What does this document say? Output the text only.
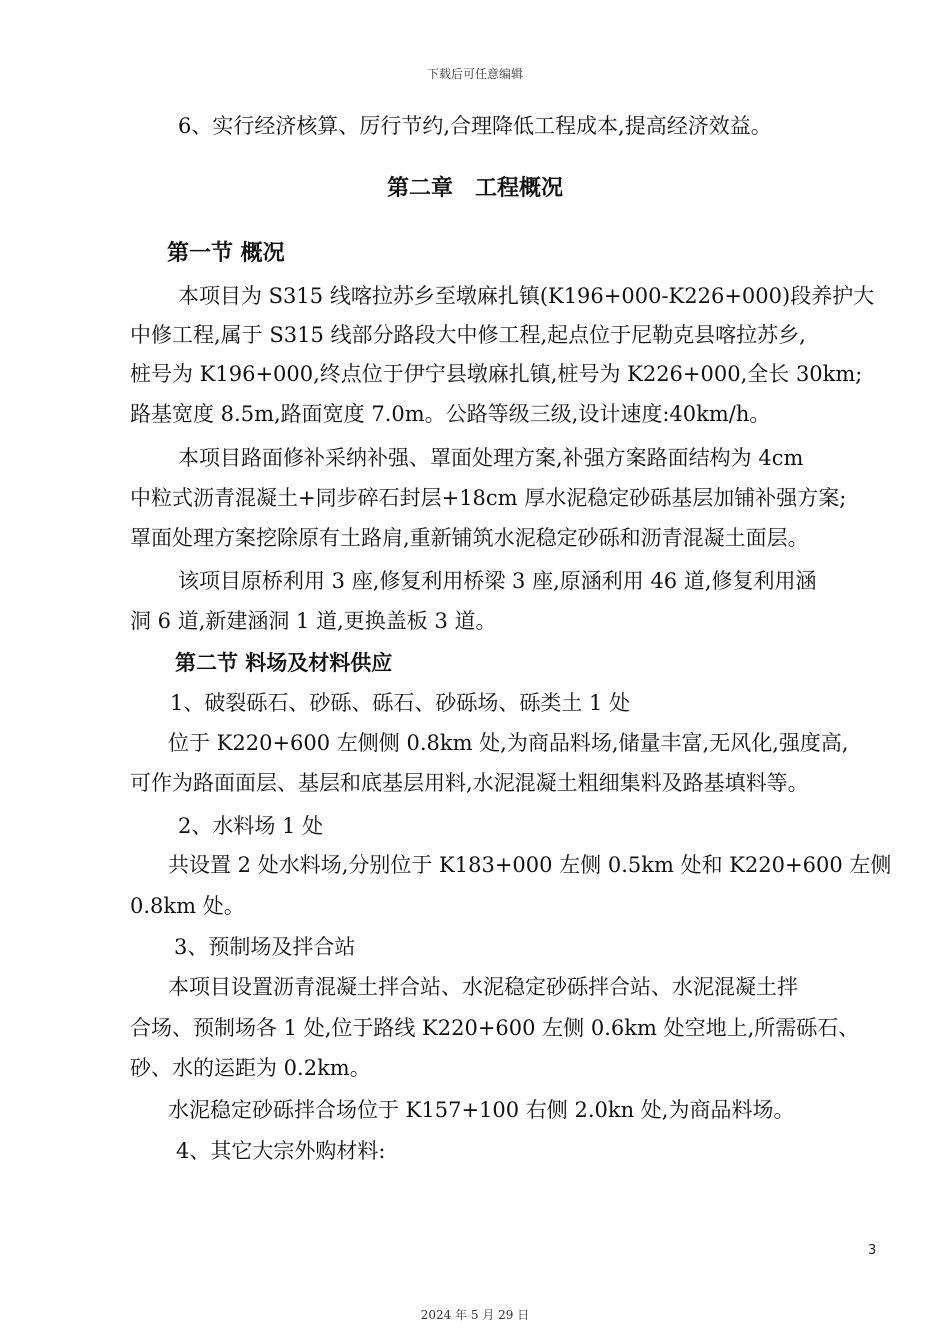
下载后可任意编辑
6、实行经济核算、厉行节约,合理降低工程成本,提高经济效益。
第二章　工程概况
第一节 概况
本项目为 S315 线喀拉苏乡至墩麻扎镇(K196+000-K226+000)段养护大
中修工程,属于 S315 线部分路段大中修工程,起点位于尼勒克县喀拉苏乡,
桩号为 K196+000,终点位于伊宁县墩麻扎镇,桩号为 K226+000,全长 30km;
路基宽度 8.5m,路面宽度 7.0m。公路等级三级,设计速度:40km/h。
本项目路面修补采纳补强、罩面处理方案,补强方案路面结构为 4cm
中粒式沥青混凝土+同步碎石封层+18cm 厚水泥稳定砂砾基层加铺补强方案;
罩面处理方案挖除原有土路肩,重新铺筑水泥稳定砂砾和沥青混凝土面层。
该项目原桥利用 3 座,修复利用桥梁 3 座,原涵利用 46 道,修复利用涵
洞 6 道,新建涵洞 1 道,更换盖板 3 道。
第二节 料场及材料供应
1、破裂砾石、砂砾、砾石、砂砾场、砾类土 1 处
位于 K220+600 左侧侧 0.8km 处,为商品料场,储量丰富,无风化,强度高,
可作为路面面层、基层和底基层用料,水泥混凝土粗细集料及路基填料等。
2、水料场 1 处
共设置 2 处水料场,分别位于 K183+000 左侧 0.5km 处和 K220+600 左侧
0.8km 处。
3、预制场及拌合站
本项目设置沥青混凝土拌合站、水泥稳定砂砾拌合站、水泥混凝土拌
合场、预制场各 1 处,位于路线 K220+600 左侧 0.6km 处空地上,所需砾石、
砂、水的运距为 0.2km。
水泥稳定砂砾拌合场位于 K157+100 右侧 2.0kn 处,为商品料场。
4、其它大宗外购材料:
3
2024 年 5 月 29 日
